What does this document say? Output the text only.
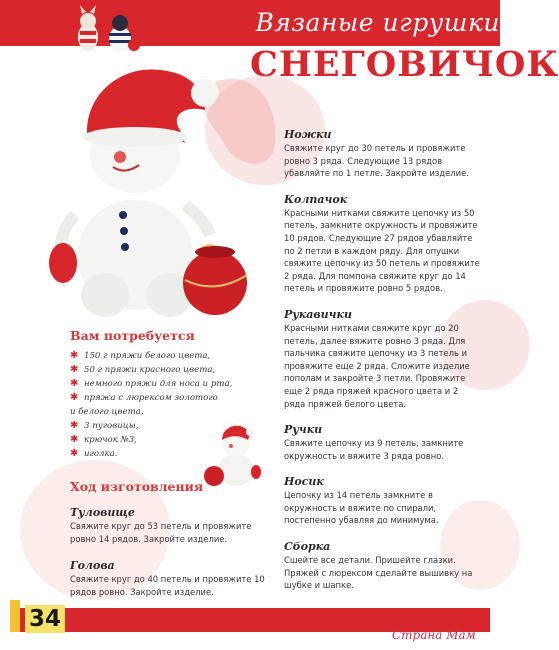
Вязаные игрушки
СНЕГОВИЧОК

Ножки

Свяжите круг до 30 петель и провяжите ровно 3 ряда. Следующие 13 рядов убавляйте по 1 петле. Закройте изделие.

Колпачок

Красными нитками свяжите цепочку из 50 петель, замкните окружность и провяжите 10 рядов. Следующие 27 рядов убавляйте по 2 петли в каждом ряду. Для опушки свяжите цепочку из 50 петель и провяжите 2 ряда. Для помпона свяжите круг до 14 петель и провяжите ровно 5 рядов.

Рукавички

Красными нитками свяжите круг до 20 петель, далее вяжите ровно 3 ряда. Для пальчика свяжите цепочку из 3 петель и провяжите еще 2 ряда. Сложите изделие пополам и закройте 3 петли. Провяжите еще 2 ряда пряжей красного цвета и 2 ряда пряжей белого цвета.

Ручки

Свяжите цепочку из 9 петель, замкните окружность и вяжите 3 ряда ровно.

Носик

Цепочку из 14 петель замкните в окружность и вяжите по спирали, постепенно убавляя до минимума.

Сборка

Сшейте все детали. Пришейте глазки. Пряжей с люрексом сделайте вышивку на шубке и шапке.

Вам потребуется
✱ 150 г пряжи белого цвета,
✱ 50 г пряжи красного цвета,
✱ немного пряжи для носа и рта,
✱ пряжа с люрексом золотого
и белого цвета,
✱ 3 пуговицы,
✱ крючок №3,
✱ иголка.
Ход изготовления

Туловище

Свяжите круг до 53 петель и провяжите ровно 14 рядов. Закройте изделие.

Голова

Свяжите круг до 40 петель и провяжите 10 рядов ровно. Закройте изделие.

34
Страна Мам
